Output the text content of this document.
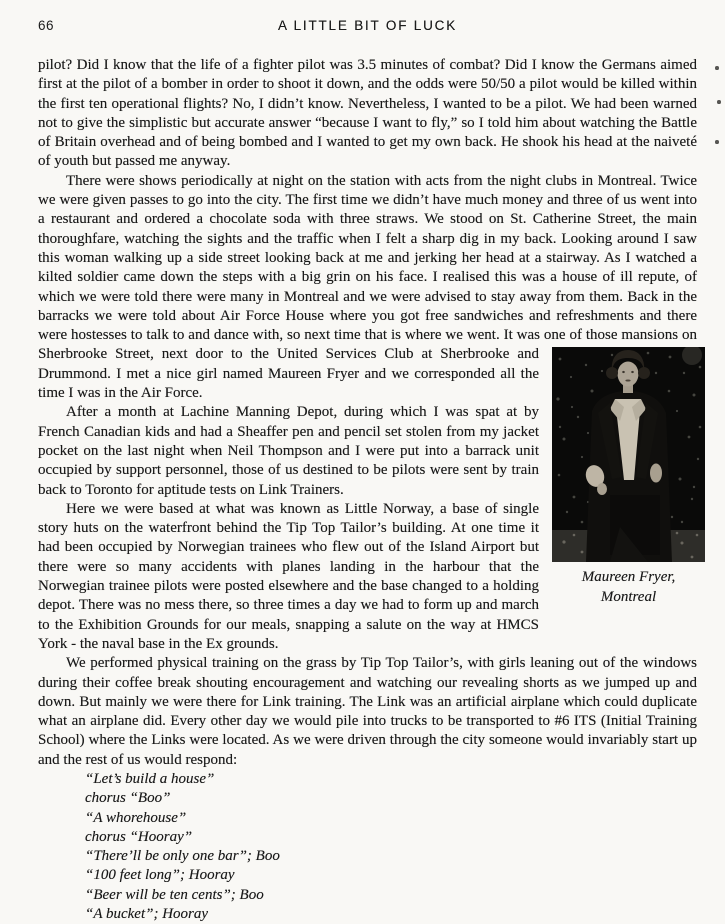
66	A LITTLE BIT OF LUCK

pilot? Did I know that the life of a fighter pilot was 3.5 minutes of combat? Did I know the Germans aimed first at the pilot of a bomber in order to shoot it down, and the odds were 50/50 a pilot would be killed within the first ten operational flights? No, I didn’t know. Nevertheless, I wanted to be a pilot. We had been warned not to give the simplistic but accurate answer “because I want to fly,” so I told him about watching the Battle of Britain overhead and of being bombed and I wanted to get my own back. He shook his head at the naiveté of youth but passed me anyway.

There were shows periodically at night on the station with acts from the night clubs in Montreal. Twice we were given passes to go into the city. The first time we didn’t have much money and three of us went into a restaurant and ordered a chocolate soda with three straws. We stood on St. Catherine Street, the main thoroughfare, watching the sights and the traffic when I felt a sharp dig in my back. Looking around I saw this woman walking up a side street looking back at me and jerking her head at a stairway. As I watched a kilted soldier came down the steps with a big grin on his face. I realised this was a house of ill repute, of which we were told there were many in Montreal and we were advised to stay away from them. Back in the barracks we were told about Air Force House where you got free sandwiches and refreshments and there were hostesses to talk to and dance with, so next time that is where we went. It was one of those mansions on Sherbrooke Street, next door to the United Services Club at Sherbrooke
Maureen Fryer,
Montreal
and Drummond. I met a nice girl named Maureen Fryer and we corresponded all the time I was in the Air Force.

After a month at Lachine Manning Depot, during which I was spat at by French Canadian kids and had a Sheaffer pen and pencil set stolen from my jacket pocket on the last night when Neil Thompson and I were put into a barrack unit occupied by support personnel, those of us destined to be pilots were sent by train back to Toronto for aptitude tests on Link Trainers.

Here we were based at what was known as Little Norway, a base of single story huts on the waterfront behind the Tip Top Tailor’s building. At one time it had been occupied by Norwegian trainees who flew out of the Island Airport but there were so many accidents with planes landing in the harbour that the Norwegian trainee pilots were posted elsewhere and the base changed to a holding depot. There was no mess there, so three times a day we had to form up and march to the Exhibition Grounds for our meals, snapping a salute on the way at HMCS York - the naval base in the Ex grounds.

We performed physical training on the grass by Tip Top Tailor’s, with girls leaning out of the windows during their coffee break shouting encouragement and watching our revealing shorts as we jumped up and down. But mainly we were there for Link training. The Link was an artificial airplane which could duplicate what an airplane did. Every other day we would pile into trucks to be transported to #6 ITS (Initial Training School) where the Links were located. As we were driven through the city someone would invariably start up and the rest of us would respond:

“Let’s build a house”
chorus “Boo”
“A whorehouse”
chorus “Hooray”
“There’ll be only one bar”; Boo
“100 feet long”; Hooray
“Beer will be ten cents”; Boo
“A bucket”; Hooray
